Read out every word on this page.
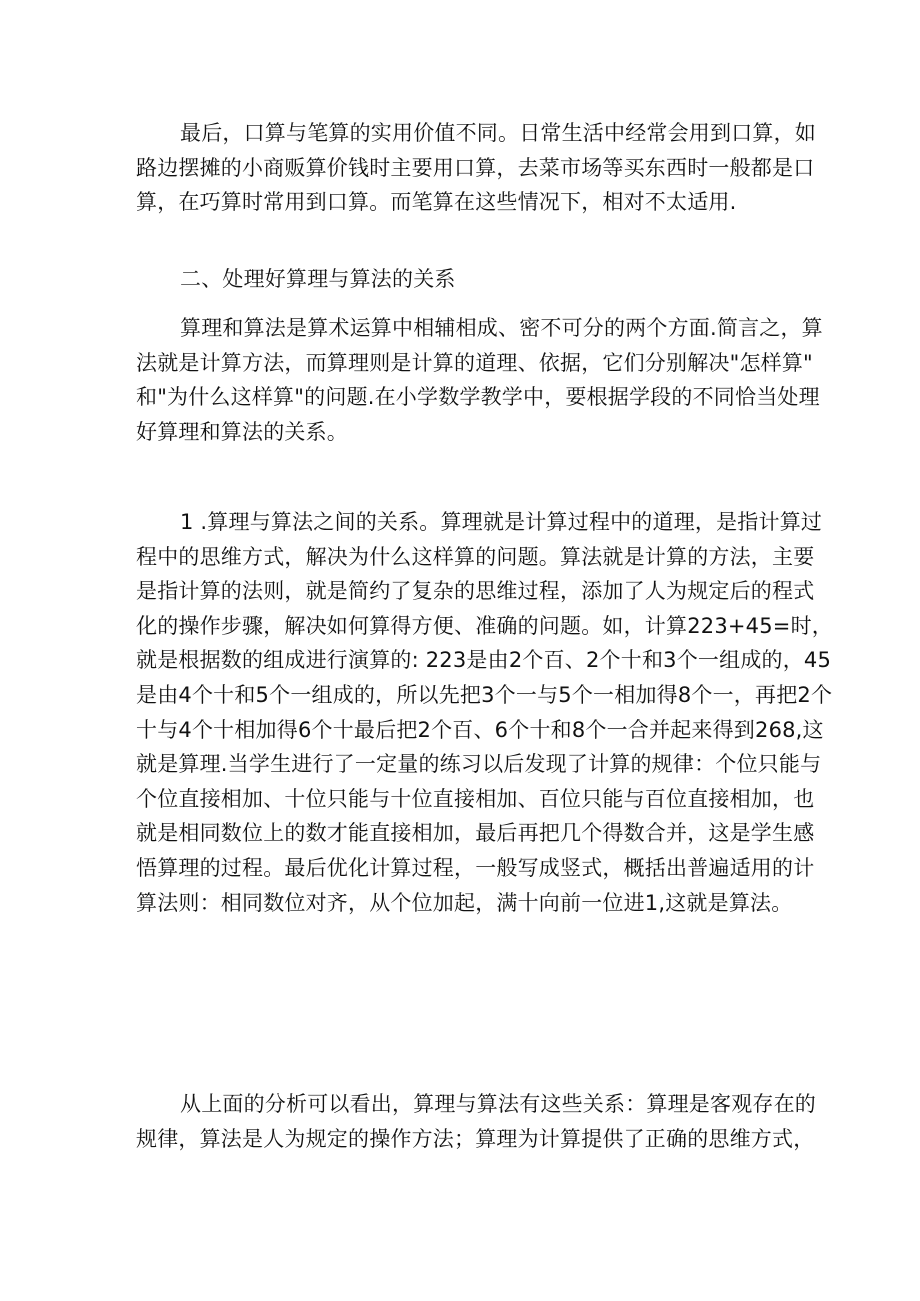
最后，口算与笔算的实用价值不同。日常生活中经常会用到口算，如
路边摆摊的小商贩算价钱时主要用口算，去菜市场等买东西时一般都是口
算，在巧算时常用到口算。而笔算在这些情况下，相对不太适用.
二、处理好算理与算法的关系
算理和算法是算术运算中相辅相成、密不可分的两个方面.简言之，算
法就是计算方法，而算理则是计算的道理、依据，它们分别解决"怎样算"
和"为什么这样算"的问题.在小学数学教学中，要根据学段的不同恰当处理
好算理和算法的关系。
1 .算理与算法之间的关系。算理就是计算过程中的道理，是指计算过
程中的思维方式，解决为什么这样算的问题。算法就是计算的方法，主要
是指计算的法则，就是简约了复杂的思维过程，添加了人为规定后的程式
化的操作步骤，解决如何算得方便、准确的问题。如，计算223+45=时，
就是根据数的组成进行演算的: 223是由2个百、2个十和3个一组成的，45
是由4个十和5个一组成的，所以先把3个一与5个一相加得8个一，再把2个
十与4个十相加得6个十最后把2个百、6个十和8个一合并起来得到268,这
就是算理.当学生进行了一定量的练习以后发现了计算的规律：个位只能与
个位直接相加、十位只能与十位直接相加、百位只能与百位直接相加，也
就是相同数位上的数才能直接相加，最后再把几个得数合并，这是学生感
悟算理的过程。最后优化计算过程，一般写成竖式，概括出普遍适用的计
算法则：相同数位对齐，从个位加起，满十向前一位进1,这就是算法。
从上面的分析可以看出，算理与算法有这些关系：算理是客观存在的
规律，算法是人为规定的操作方法；算理为计算提供了正确的思维方式，
